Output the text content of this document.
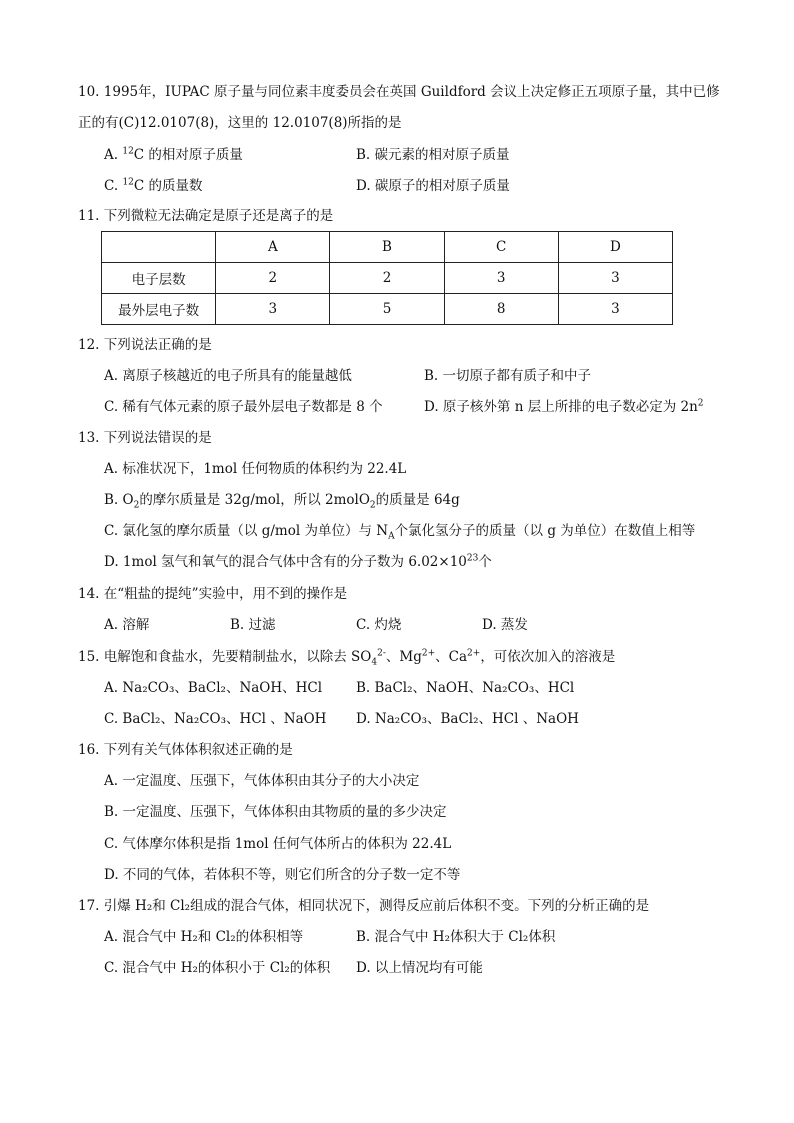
10. 1995年，IUPAC 原子量与同位素丰度委员会在英国 Guildford 会议上决定修正五项原子量，其中已修
正的有(C)12.0107(8)，这里的 12.0107(8)所指的是
A. $^{12}$C 的相对原子质量	B. 碳元素的相对原子质量
C. $^{12}$C 的质量数	D. 碳原子的相对原子质量
11. 下列微粒无法确定是原子还是离子的是
	A	B	C	D
电子层数	2	2	3	3
最外层电子数	3	5	8	3
12. 下列说法正确的是
A. 离原子核越近的电子所具有的能量越低	B. 一切原子都有质子和中子
C. 稀有气体元素的原子最外层电子数都是 8 个	D. 原子核外第 n 层上所排的电子数必定为 $2n^2$
13. 下列说法错误的是
A. 标准状况下，1mol 任何物质的体积约为 22.4L
B. $O_2$的摩尔质量是 32g/mol，所以 2molO$_2$的质量是 64g
C. 氯化氢的摩尔质量（以 g/mol 为单位）与 $N_A$个氯化氢分子的质量（以 g 为单位）在数值上相等
D. 1mol 氢气和氧气的混合气体中含有的分子数为 $6.02\times 10^{23}$个
14. 在“粗盐的提纯”实验中，用不到的操作是
A. 溶解	B. 过滤	C. 灼烧	D. 蒸发
15. 电解饱和食盐水，先要精制盐水，以除去 $SO_4^{2-}$、$Mg^{2+}$、$Ca^{2+}$，可依次加入的溶液是
A. Na₂CO₃、BaCl₂、NaOH、HCl	B. BaCl₂、NaOH、Na₂CO₃、HCl
C. BaCl₂、Na₂CO₃、HCl 、NaOH D. Na₂CO₃、BaCl₂、HCl 、NaOH
16. 下列有关气体体积叙述正确的是
A. 一定温度、压强下，气体体积由其分子的大小决定
B. 一定温度、压强下，气体体积由其物质的量的多少决定
C. 气体摩尔体积是指 1mol 任何气体所占的体积为 22.4L
D. 不同的气体，若体积不等，则它们所含的分子数一定不等
17. 引爆 H₂和 Cl₂组成的混合气体，相同状况下，测得反应前后体积不变。下列的分析正确的是
A. 混合气中 H₂和 Cl₂的体积相等	B. 混合气中 H₂体积大于 Cl₂体积
C. 混合气中 H₂的体积小于 Cl₂的体积 D. 以上情况均有可能
